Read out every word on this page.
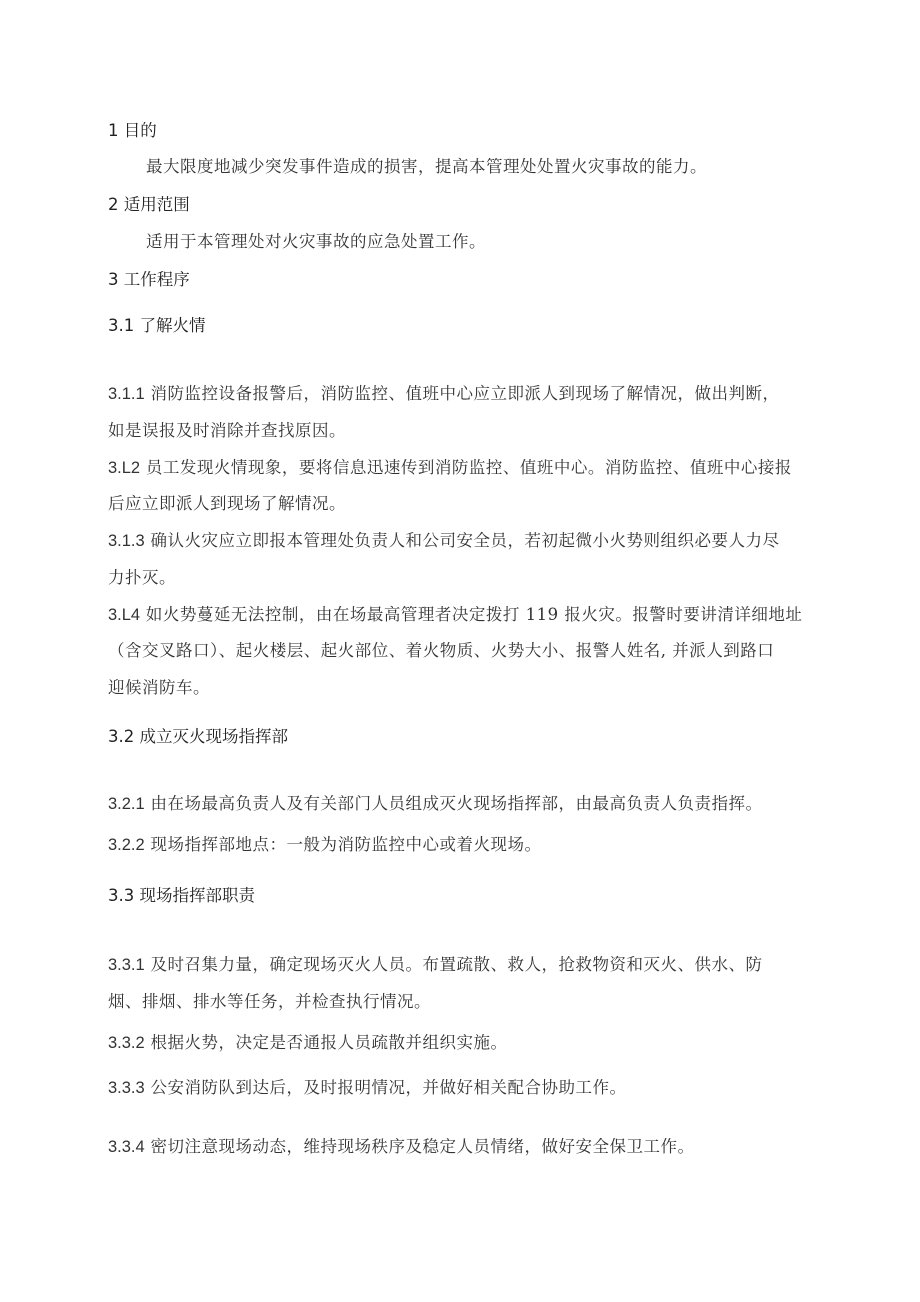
1 目的

最大限度地减少突发事件造成的损害，提高本管理处处置火灾事故的能力。

2 适用范围

适用于本管理处对火灾事故的应急处置工作。

3 工作程序

3.1 了解火情

3.1.1 消防监控设备报警后，消防监控、值班中心应立即派人到现场了解情况，做出判断，

如是误报及时消除并查找原因。

3.L2 员工发现火情现象，要将信息迅速传到消防监控、值班中心。消防监控、值班中心接报

后应立即派人到现场了解情况。

3.1.3 确认火灾应立即报本管理处负责人和公司安全员，若初起微小火势则组织必要人力尽

力扑灭。

3.L4 如火势蔓延无法控制，由在场最高管理者决定拨打 119 报火灾。报警时要讲清详细地址

（含交叉路口）、起火楼层、起火部位、着火物质、火势大小、报警人姓名, 并派人到路口

迎候消防车。

3.2 成立灭火现场指挥部

3.2.1 由在场最高负责人及有关部门人员组成灭火现场指挥部，由最高负责人负责指挥。

3.2.2 现场指挥部地点：一般为消防监控中心或着火现场。

3.3 现场指挥部职责

3.3.1 及时召集力量，确定现场灭火人员。布置疏散、救人，抢救物资和灭火、供水、防

烟、排烟、排水等任务，并检查执行情况。

3.3.2 根据火势，决定是否通报人员疏散并组织实施。

3.3.3 公安消防队到达后，及时报明情况，并做好相关配合协助工作。

3.3.4 密切注意现场动态，维持现场秩序及稳定人员情绪，做好安全保卫工作。
